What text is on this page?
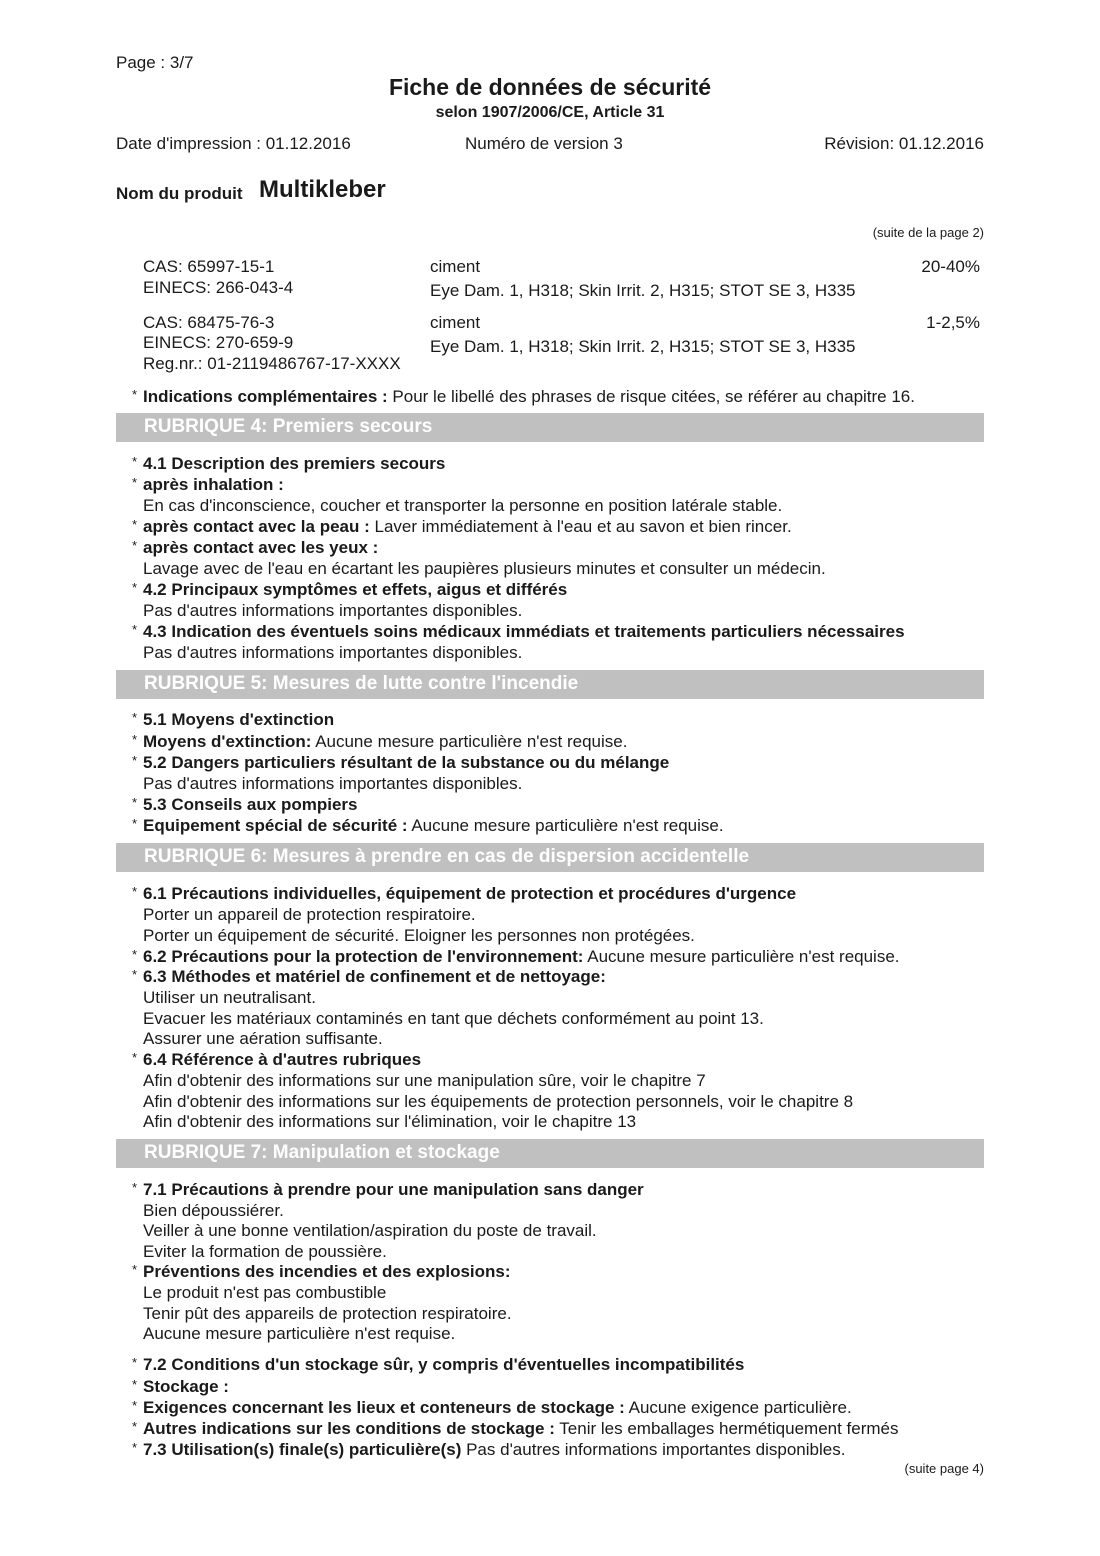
Page : 3/7
Fiche de données de sécurité
selon 1907/2006/CE, Article 31
Date d'impression : 01.12.2016	Numéro de version 3	Révision: 01.12.2016
Nom du produit Multikleber
(suite de la page 2)
CAS: 65997-15-1
EINECS: 266-043-4
ciment
Eye Dam. 1, H318; Skin Irrit. 2, H315; STOT SE 3, H335
20-40%
CAS: 68475-76-3
EINECS: 270-659-9
Reg.nr.: 01-2119486767-17-XXXX
ciment
Eye Dam. 1, H318; Skin Irrit. 2, H315; STOT SE 3, H335
1-2,5%
* Indications complémentaires : Pour le libellé des phrases de risque citées, se référer au chapitre 16.
RUBRIQUE 4: Premiers secours
* 4.1 Description des premiers secours
* après inhalation :
En cas d'inconscience, coucher et transporter la personne en position latérale stable.
* après contact avec la peau : Laver immédiatement à l'eau et au savon et bien rincer.
* après contact avec les yeux :
Lavage avec de l'eau en écartant les paupières plusieurs minutes et consulter un médecin.
* 4.2 Principaux symptômes et effets, aigus et différés
Pas d'autres informations importantes disponibles.
* 4.3 Indication des éventuels soins médicaux immédiats et traitements particuliers nécessaires
Pas d'autres informations importantes disponibles.
RUBRIQUE 5: Mesures de lutte contre l'incendie
* 5.1 Moyens d'extinction
* Moyens d'extinction: Aucune mesure particulière n'est requise.
* 5.2 Dangers particuliers résultant de la substance ou du mélange
Pas d'autres informations importantes disponibles.
* 5.3 Conseils aux pompiers
* Equipement spécial de sécurité : Aucune mesure particulière n'est requise.
RUBRIQUE 6: Mesures à prendre en cas de dispersion accidentelle
* 6.1 Précautions individuelles, équipement de protection et procédures d'urgence
Porter un appareil de protection respiratoire.
Porter un équipement de sécurité. Eloigner les personnes non protégées.
* 6.2 Précautions pour la protection de l'environnement: Aucune mesure particulière n'est requise.
* 6.3 Méthodes et matériel de confinement et de nettoyage:
Utiliser un neutralisant.
Evacuer les matériaux contaminés en tant que déchets conformément au point 13.
Assurer une aération suffisante.
* 6.4 Référence à d'autres rubriques
Afin d'obtenir des informations sur une manipulation sûre, voir le chapitre 7
Afin d'obtenir des informations sur les équipements de protection personnels, voir le chapitre 8
Afin d'obtenir des informations sur l'élimination, voir le chapitre 13
RUBRIQUE 7: Manipulation et stockage
* 7.1 Précautions à prendre pour une manipulation sans danger
Bien dépoussiérer.
Veiller à une bonne ventilation/aspiration du poste de travail.
Eviter la formation de poussière.
* Préventions des incendies et des explosions:
Le produit n'est pas combustible
Tenir pût des appareils de protection respiratoire.
Aucune mesure particulière n'est requise.
* 7.2 Conditions d'un stockage sûr, y compris d'éventuelles incompatibilités
* Stockage :
* Exigences concernant les lieux et conteneurs de stockage : Aucune exigence particulière.
* Autres indications sur les conditions de stockage : Tenir les emballages hermétiquement fermés
* 7.3 Utilisation(s) finale(s) particulière(s) Pas d'autres informations importantes disponibles.
(suite page 4)
